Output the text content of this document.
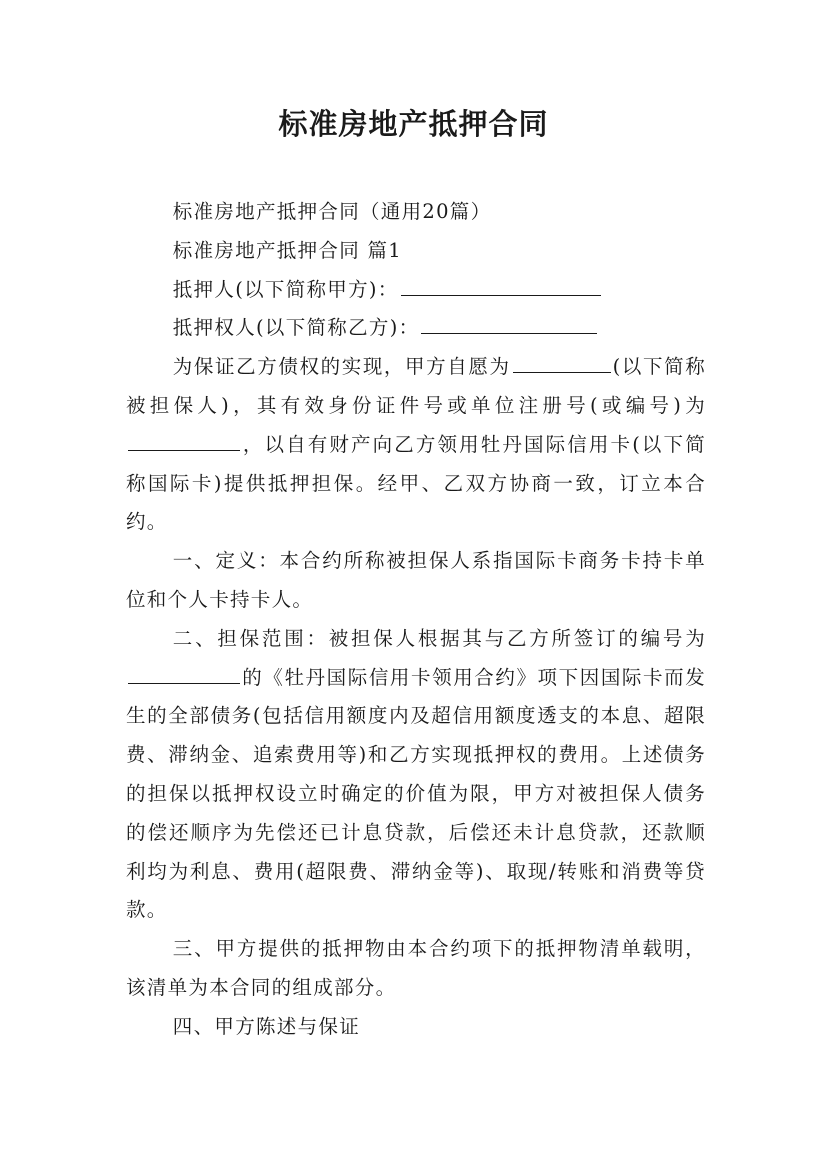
标准房地产抵押合同

标准房地产抵押合同（通用20篇）

标准房地产抵押合同 篇1

抵押人(以下简称甲方)：

抵押权人(以下简称乙方)：

为保证乙方债权的实现，甲方自愿为	(以下简称被担保人)，其有效身份证件号或单位注册号(或编号)为，以自有财产向乙方领用牡丹国际信用卡(以下简称国际卡)提供抵押担保。经甲、乙双方协商一致，订立本合约。

一、定义：本合约所称被担保人系指国际卡商务卡持卡单位和个人卡持卡人。

二、担保范围：被担保人根据其与乙方所签订的编号为的《牡丹国际信用卡领用合约》项下因国际卡而发生的全部债务(包括信用额度内及超信用额度透支的本息、超限费、滞纳金、追索费用等)和乙方实现抵押权的费用。上述债务的担保以抵押权设立时确定的价值为限，甲方对被担保人债务的偿还顺序为先偿还已计息贷款，后偿还未计息贷款，还款顺利均为利息、费用(超限费、滞纳金等)、取现/转账和消费等贷款。

三、甲方提供的抵押物由本合约项下的抵押物清单载明，该清单为本合同的组成部分。

四、甲方陈述与保证
